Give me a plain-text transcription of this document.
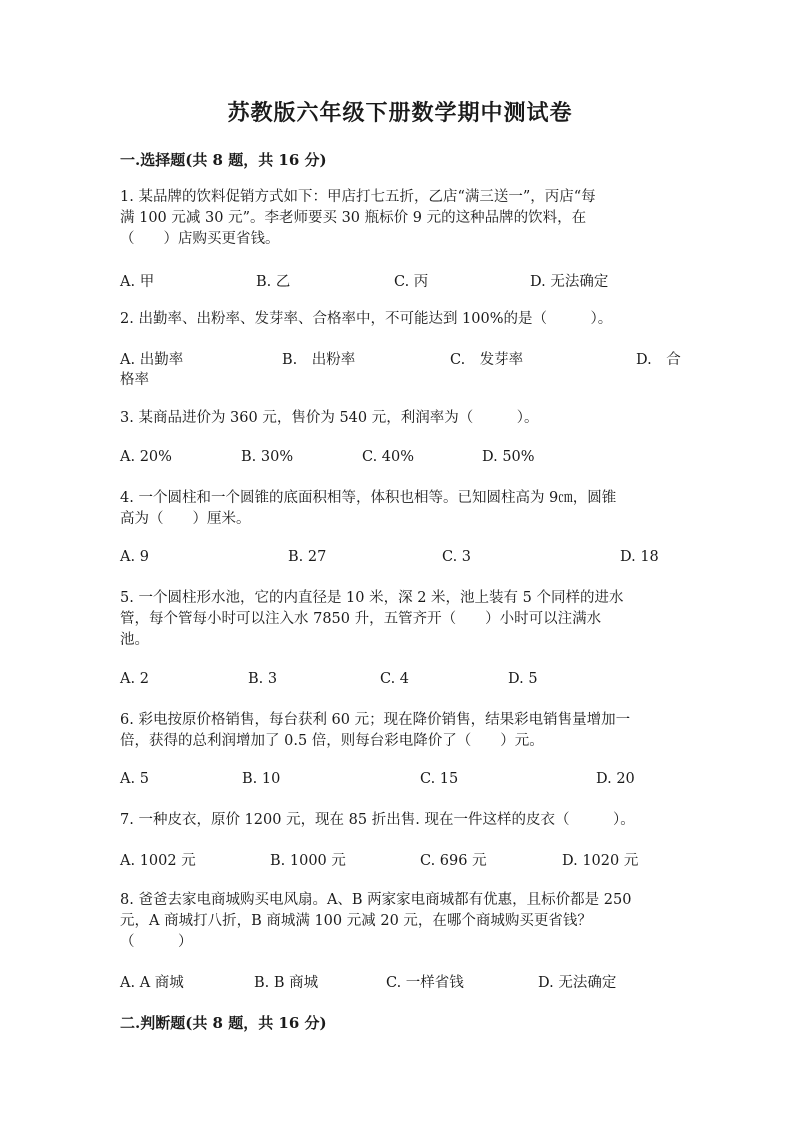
苏教版六年级下册数学期中测试卷
一.选择题(共 8 题，共 16 分)
1. 某品牌的饮料促销方式如下：甲店打七五折，乙店“满三送一”，丙店“每
满 100 元减 30 元”。李老师要买 30 瓶标价 9 元的这种品牌的饮料，在
（　　）店购买更省钱。
A. 甲	B. 乙	C. 丙	D. 无法确定
2. 出勤率、出粉率、发芽率、合格率中，不可能达到 100%的是（　　　）。
A. 出勤率	B.　出粉率	C.　发芽率	D.　合
格率
3. 某商品进价为 360 元，售价为 540 元，利润率为（　　　）。
A. 20%	B. 30%	C. 40%	D. 50%
4. 一个圆柱和一个圆锥的底面积相等，体积也相等。已知圆柱高为 9㎝，圆锥
高为（　　）厘米。
A. 9	B. 27	C. 3	D. 18
5. 一个圆柱形水池，它的内直径是 10 米，深 2 米，池上装有 5 个同样的进水
管，每个管每小时可以注入水 7850 升，五管齐开（　　）小时可以注满水
池。
A. 2	B. 3	C. 4	D. 5
6. 彩电按原价格销售，每台获利 60 元；现在降价销售，结果彩电销售量增加一
倍，获得的总利润增加了 0.5 倍，则每台彩电降价了（　　）元。
A. 5	B. 10	C. 15	D. 20
7. 一种皮衣，原价 1200 元，现在 85 折出售. 现在一件这样的皮衣（　　　）。
A. 1002 元	B. 1000 元	C. 696 元	D. 1020 元
8. 爸爸去家电商城购买电风扇。A、B 两家家电商城都有优惠，且标价都是 250
元，A 商城打八折，B 商城满 100 元减 20 元，在哪个商城购买更省钱？
（　　　）
A. A 商城	B. B 商城	C. 一样省钱	D. 无法确定
二.判断题(共 8 题，共 16 分)
